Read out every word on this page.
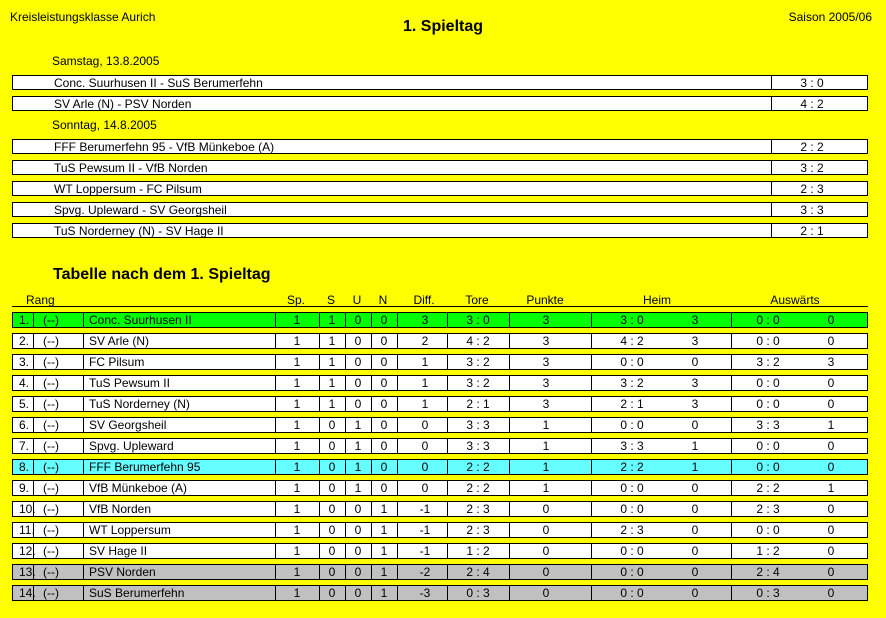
Kreisleistungsklasse Aurich
1. Spieltag
Saison 2005/06
Samstag, 13.8.2005
Conc. Suurhusen II - SuS Berumerfehn	3 : 0
SV Arle (N) - PSV Norden	4 : 2
Sonntag, 14.8.2005
FFF Berumerfehn 95 - VfB Münkeboe (A)	2 : 2
TuS Pewsum II - VfB Norden	3 : 2
WT Loppersum - FC Pilsum	2 : 3
Spvg. Upleward - SV Georgsheil	3 : 3
TuS Norderney (N) - SV Hage II	2 : 1
Tabelle nach dem 1. Spieltag
Rang	Sp.	S	U	N	Diff.	Tore	Punkte	Heim	Auswärts
1.	(--)	Conc. Suurhusen II	1	1	0	0	3	3 : 0	3	3 : 0	3	0 : 0	0
2.	(--)	SV Arle (N)	1	1	0	0	2	4 : 2	3	4 : 2	3	0 : 0	0
3.	(--)	FC Pilsum	1	1	0	0	1	3 : 2	3	0 : 0	0	3 : 2	3
4.	(--)	TuS Pewsum II	1	1	0	0	1	3 : 2	3	3 : 2	3	0 : 0	0
5.	(--)	TuS Norderney (N)	1	1	0	0	1	2 : 1	3	2 : 1	3	0 : 0	0
6.	(--)	SV Georgsheil	1	0	1	0	0	3 : 3	1	0 : 0	0	3 : 3	1
7.	(--)	Spvg. Upleward	1	0	1	0	0	3 : 3	1	3 : 3	1	0 : 0	0
8.	(--)	FFF Berumerfehn 95	1	0	1	0	0	2 : 2	1	2 : 2	1	0 : 0	0
9.	(--)	VfB Münkeboe (A)	1	0	1	0	0	2 : 2	1	0 : 0	0	2 : 2	1
10. (--)	VfB Norden	1	0	0	1	-1	2 : 3	0	0 : 0	0	2 : 3	0
11. (--)	WT Loppersum	1	0	0	1	-1	2 : 3	0	2 : 3	0	0 : 0	0
12. (--)	SV Hage II	1	0	0	1	-1	1 : 2	0	0 : 0	0	1 : 2	0
13. (--)	PSV Norden	1	0	0	1	-2	2 : 4	0	0 : 0	0	2 : 4	0
14. (--)	SuS Berumerfehn	1	0	0	1	-3	0 : 3	0	0 : 0	0	0 : 3	0
